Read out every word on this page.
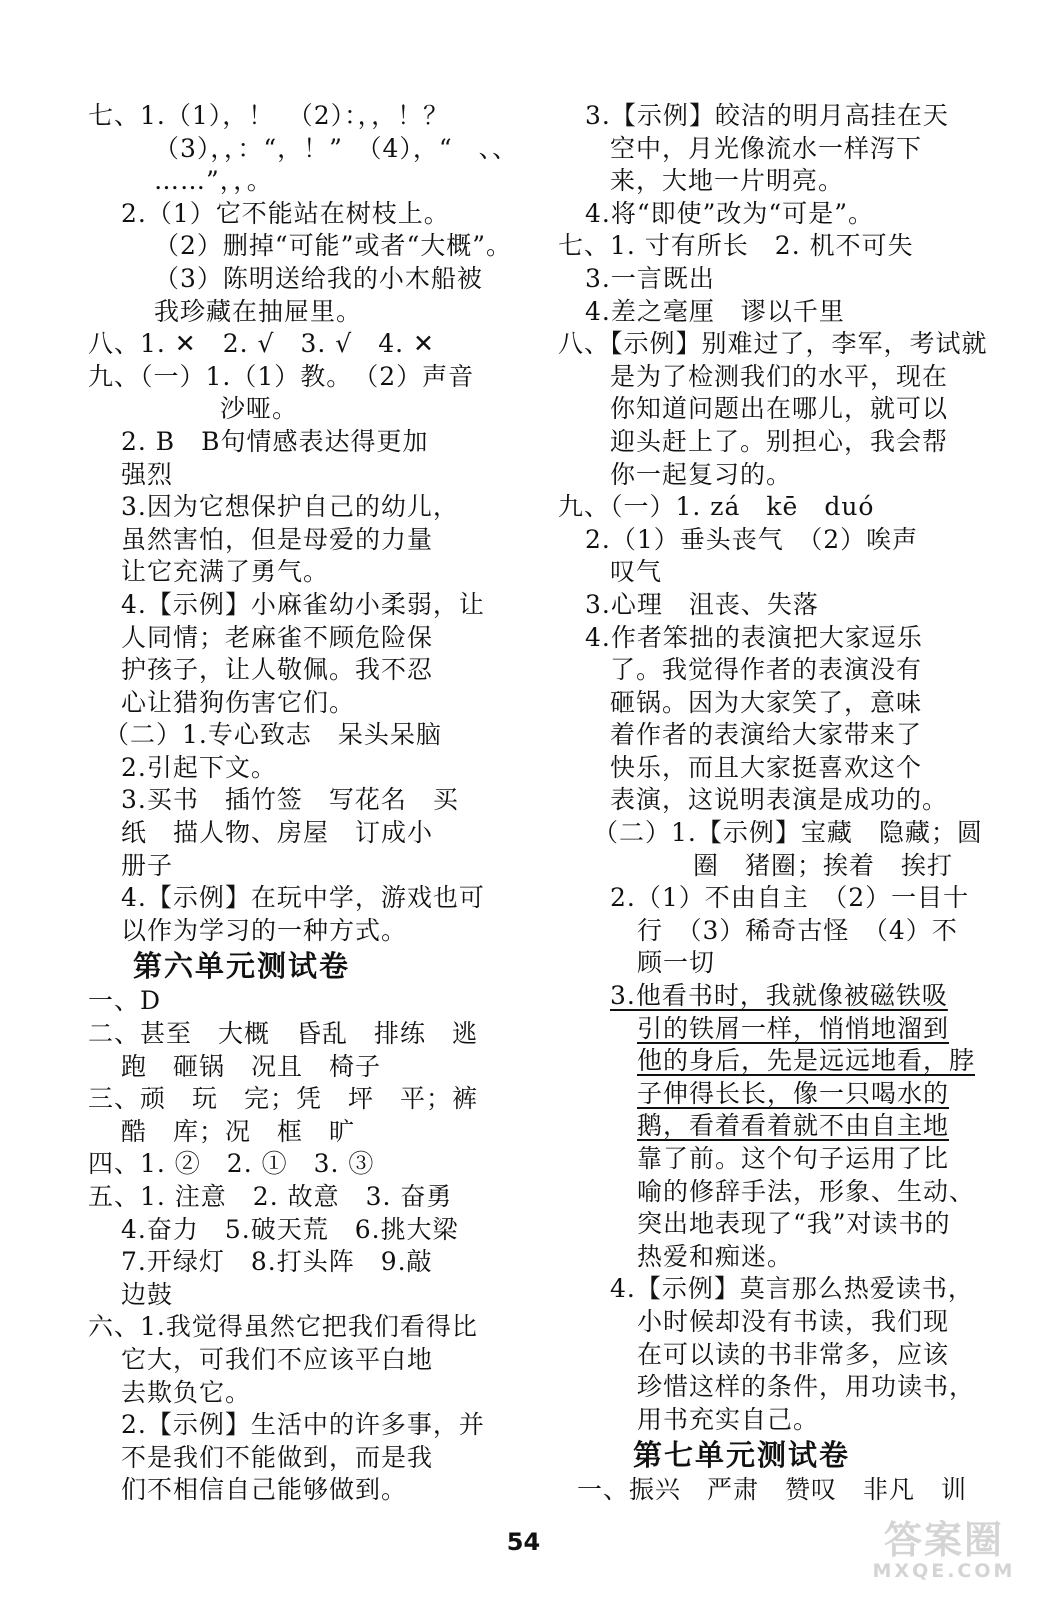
七、1.（1），！　（2）：，，！？
（3），，：“，！”　（4），“　、、
……”，，。
2.（1）它不能站在树枝上。
（2）删掉“可能”或者“大概”。
（3）陈明送给我的小木船被
我珍藏在抽屉里。
八、1. ✕　2. √　3. √　4. ✕
九、（一）1.（1）教。　（2）声音
沙哑。
2. B　B句情感表达得更加
强烈
3.因为它想保护自己的幼儿，
虽然害怕，但是母爱的力量
让它充满了勇气。
4.【示例】小麻雀幼小柔弱，让
人同情；老麻雀不顾危险保
护孩子，让人敬佩。我不忍
心让猎狗伤害它们。
（二）1.专心致志　呆头呆脑
2.引起下文。
3.买书　插竹签　写花名　买
纸　描人物、房屋　订成小
册子
4.【示例】在玩中学，游戏也可
以作为学习的一种方式。
第六单元测试卷
一、D
二、甚至　大概　昏乱　排练　逃
跑　砸锅　况且　椅子
三、顽　玩　完；凭　坪　平；裤
酷　库；况　框　旷
四、1. ②　2. ①　3. ③
五、1. 注意　2. 故意　3. 奋勇
4.奋力　5.破天荒　6.挑大梁
7.开绿灯　8.打头阵　9.敲
边鼓
六、1.我觉得虽然它把我们看得比
它大，可我们不应该平白地
去欺负它。
2.【示例】生活中的许多事，并
不是我们不能做到，而是我
们不相信自己能够做到。
3.【示例】皎洁的明月高挂在天
空中，月光像流水一样泻下
来，大地一片明亮。
4.将“即使”改为“可是”。
七、1. 寸有所长　2. 机不可失
3.一言既出
4.差之毫厘　谬以千里
八、【示例】别难过了，李军，考试就
是为了检测我们的水平，现在
你知道问题出在哪儿，就可以
迎头赶上了。别担心，我会帮
你一起复习的。
九、（一）1. zá　kē　duó
2.（1）垂头丧气　（2）唉声
叹气
3.心理　沮丧、失落
4.作者笨拙的表演把大家逗乐
了。我觉得作者的表演没有
砸锅。因为大家笑了，意味
着作者的表演给大家带来了
快乐，而且大家挺喜欢这个
表演，这说明表演是成功的。
（二）1.【示例】宝藏　隐藏；圆
圈　猪圈；挨着　挨打
2.（1）不由自主　（2）一目十
行　（3）稀奇古怪　（4）不
顾一切
3.他看书时，我就像被磁铁吸
引的铁屑一样，悄悄地溜到
他的身后，先是远远地看，脖
子伸得长长，像一只喝水的
鹅，看着看着就不由自主地
靠了前。这个句子运用了比
喻的修辞手法，形象、生动、
突出地表现了“我”对读书的
热爱和痴迷。
4.【示例】莫言那么热爱读书，
小时候却没有书读，我们现
在可以读的书非常多，应该
珍惜这样的条件，用功读书，
用书充实自己。
第七单元测试卷
一、振兴　严肃　赞叹　非凡　训
54	答案圈
MXQE.COM
